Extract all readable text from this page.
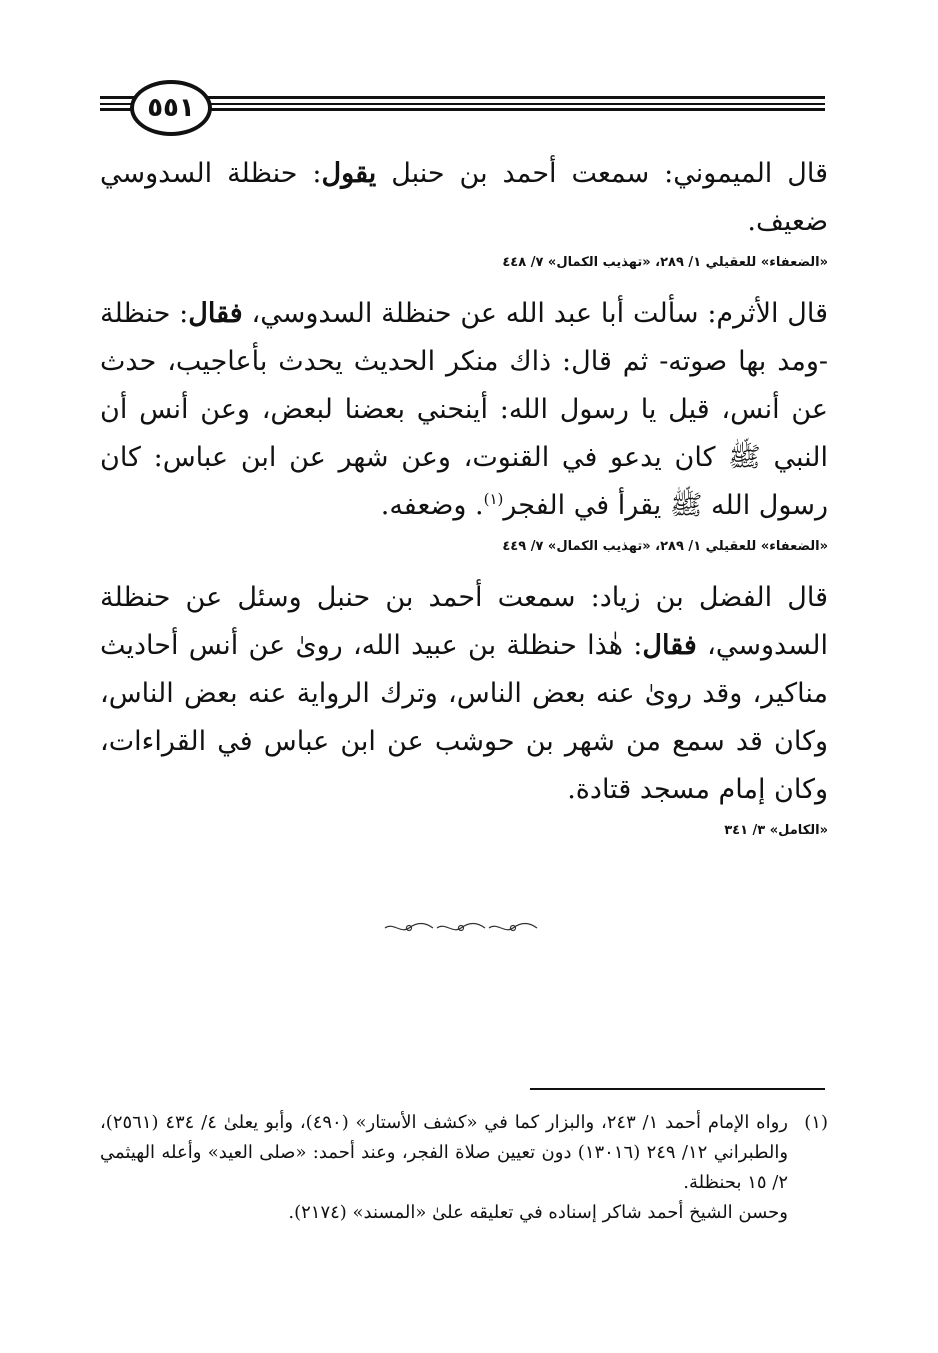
٥٥١

قال الميموني: سمعت أحمد بن حنبل يقول: حنظلة السدوسي ضعيف.

«الضعفاء» للعقيلي ١/ ٢٨٩، «تهذيب الكمال» ٧/ ٤٤٨

قال الأثرم: سألت أبا عبد الله عن حنظلة السدوسي، فقال: حنظلة -ومد بها صوته- ثم قال: ذاك منكر الحديث يحدث بأعاجيب، حدث عن أنس، قيل يا رسول الله: أينحني بعضنا لبعض، وعن أنس أن النبي ﷺ كان يدعو في القنوت، وعن شهر عن ابن عباس: كان رسول الله ﷺ يقرأ في الفجر$^{(١)}$. وضعفه.

«الضعفاء» للعقيلي ١/ ٢٨٩، «تهذيب الكمال» ٧/ ٤٤٩

قال الفضل بن زياد: سمعت أحمد بن حنبل وسئل عن حنظلة السدوسي، فقال: هٰذا حنظلة بن عبيد الله، روىٰ عن أنس أحاديث مناكير، وقد روىٰ عنه بعض الناس، وترك الرواية عنه بعض الناس، وكان قد سمع من شهر بن حوشب عن ابن عباس في القراءات، وكان إمام مسجد قتادة.

«الكامل» ٣/ ٣٤١
(١)
رواه الإمام أحمد ١/ ٢٤٣، والبزار كما في «كشف الأستار» (٤٩٠)، وأبو يعلىٰ ٤/ ٤٣٤ (٢٥٦١)، والطبراني ١٢/ ٢٤٩ (١٣٠١٦) دون تعيين صلاة الفجر، وعند أحمد: «صلى العيد» وأعله الهيثمي ٢/ ١٥ بحنظلة.
وحسن الشيخ أحمد شاكر إسناده في تعليقه علىٰ «المسند» (٢١٧٤).
